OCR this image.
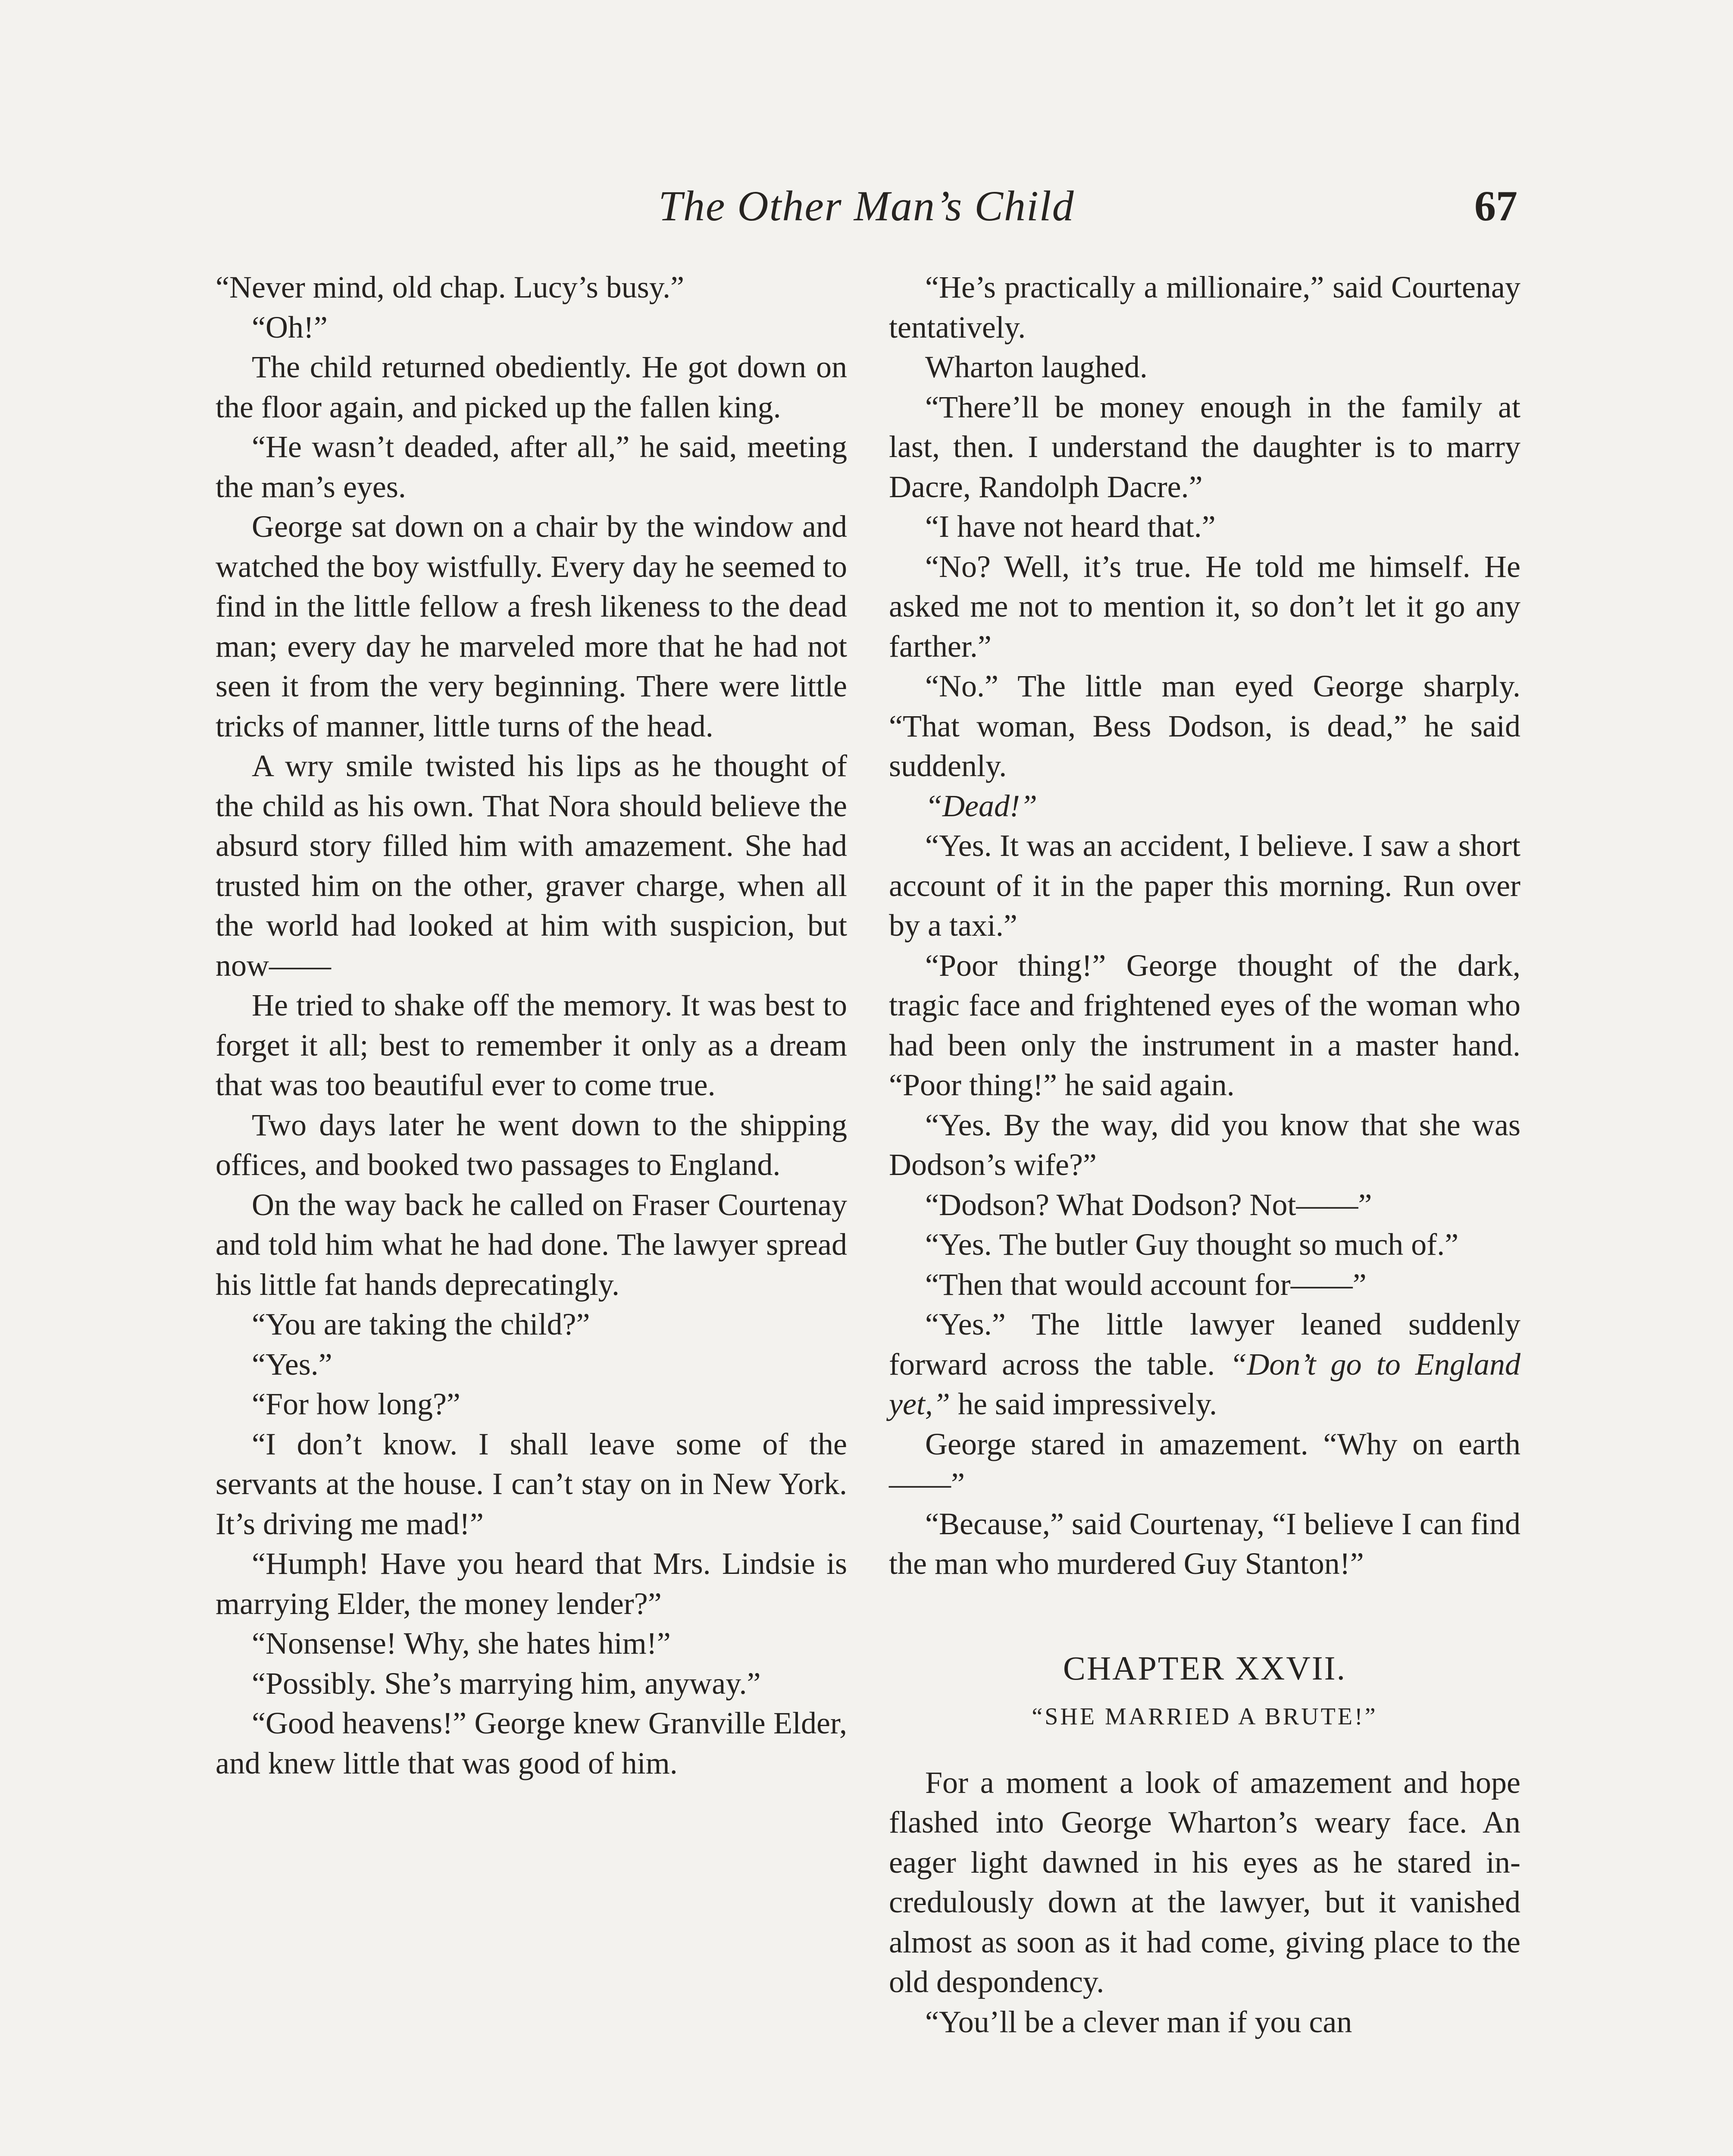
The Other Man’s Child	67

“Never mind, old chap. Lucy’s busy.”

“Oh!”

The child returned obediently. He got down on the floor again, and picked up the fallen king.

“He wasn’t deaded, after all,” he said, meeting the man’s eyes.

George sat down on a chair by the window and watched the boy wistfully. Every day he seemed to find in the little fellow a fresh likeness to the dead man; every day he marveled more that he had not seen it from the very beginning. There were little tricks of manner, little turns of the head.

A wry smile twisted his lips as he thought of the child as his own. That Nora should believe the absurd story filled him with amazement. She had trusted him on the other, graver charge, when all the world had looked at him with suspicion, but now——

He tried to shake off the memory. It was best to forget it all; best to remember it only as a dream that was too beautiful ever to come true.

Two days later he went down to the shipping offices, and booked two passages to England.

On the way back he called on Fraser Courtenay and told him what he had done. The lawyer spread his little fat hands deprecatingly.

“You are taking the child?”

“Yes.”

“For how long?”

“I don’t know. I shall leave some of the servants at the house. I can’t stay on in New York. It’s driving me mad!”

“Humph! Have you heard that Mrs. Lindsie is marrying Elder, the money lender?”

“Nonsense! Why, she hates him!”

“Possibly. She’s marrying him, anyway.”

“Good heavens!” George knew Granville Elder, and knew little that was good of him.

“He’s practically a millionaire,” said Courtenay tentatively.

Wharton laughed.

“There’ll be money enough in the family at last, then. I understand the daughter is to marry Dacre, Randolph Dacre.”

“I have not heard that.”

“No? Well, it’s true. He told me himself. He asked me not to mention it, so don’t let it go any farther.”

“No.” The little man eyed George sharply. “That woman, Bess Dodson, is dead,” he said suddenly.

“Dead!”

“Yes. It was an accident, I believe. I saw a short account of it in the paper this morning. Run over by a taxi.”

“Poor thing!” George thought of the dark, tragic face and frightened eyes of the woman who had been only the instrument in a master hand. “Poor thing!” he said again.

“Yes. By the way, did you know that she was Dodson’s wife?”

“Dodson? What Dodson? Not——”

“Yes. The butler Guy thought so much of.”

“Then that would account for——”

“Yes.” The little lawyer leaned suddenly forward across the table. “Don’t go to England yet,” he said impressively.

George stared in amazement. “Why on earth——”

“Because,” said Courtenay, “I believe I can find the man who murdered Guy Stanton!”

CHAPTER XXVII.
“SHE MARRIED A BRUTE!”

For a moment a look of amazement and hope flashed into George Wharton’s weary face. An eager light dawned in his eyes as he stared incredulously down at the lawyer, but it vanished almost as soon as it had come, giving place to the old despondency.

“You’ll be a clever man if you can
